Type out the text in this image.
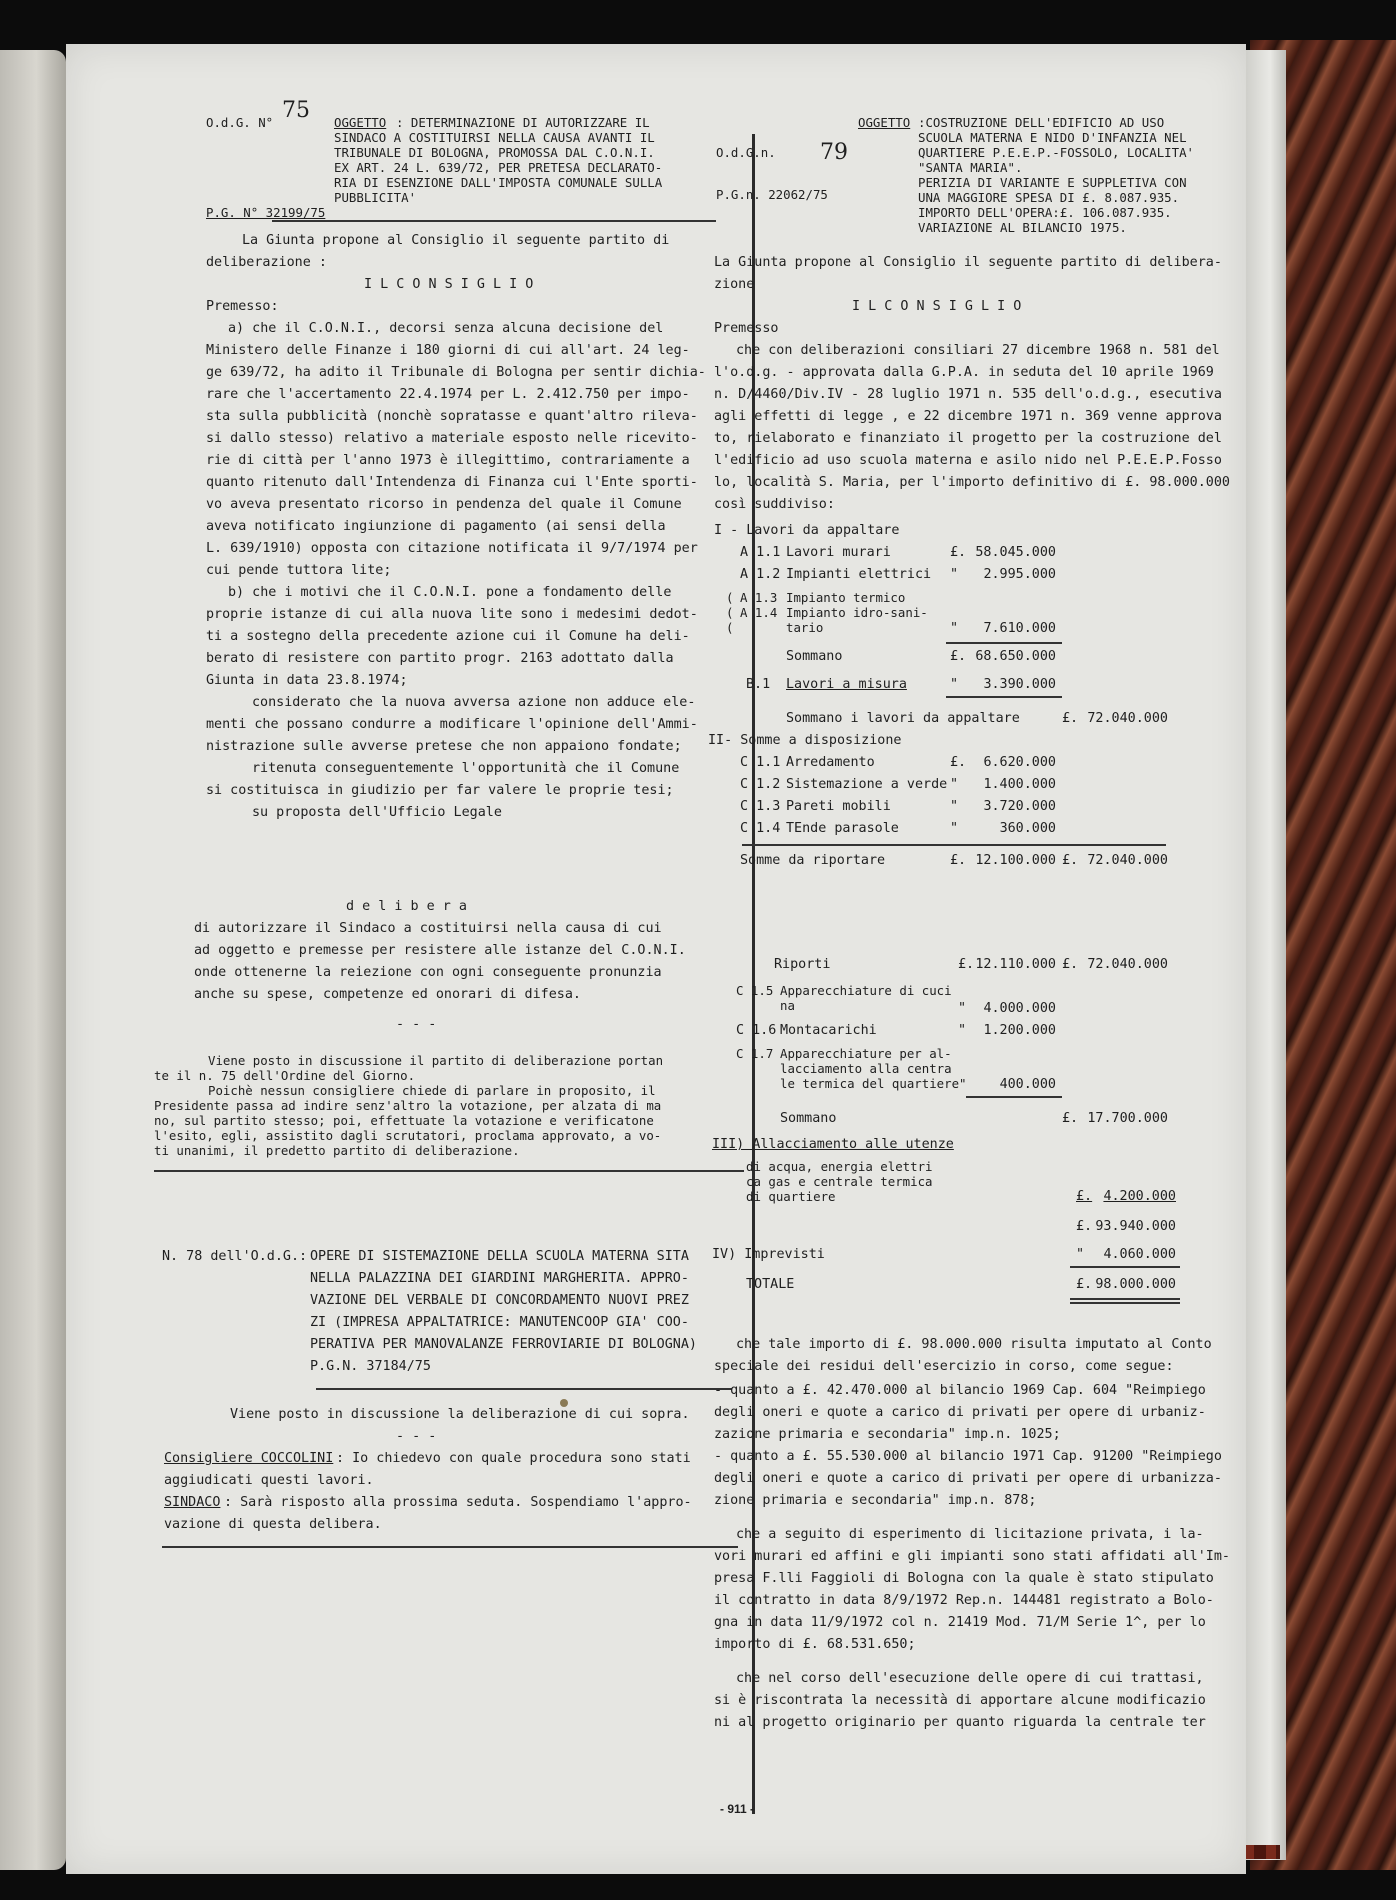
O.d.G. N° 75 OGGETTO : DETERMINAZIONE DI AUTORIZZARE IL
SINDACO A COSTITUIRSI NELLA CAUSA AVANTI IL
TRIBUNALE DI BOLOGNA, PROMOSSA DAL C.O.N.I.
EX ART. 24 L. 639/72, PER PRETESA DECLARATO-
RIA DI ESENZIONE DALL'IMPOSTA COMUNALE SULLA
PUBBLICITA'
P.G. N° 32199/75
La Giunta propone al Consiglio il seguente partito di
deliberazione :
I L C O N S I G L I O
Premesso:
a) che il C.O.N.I., decorsi senza alcuna decisione del
Ministero delle Finanze i 180 giorni di cui all'art. 24 leg-
ge 639/72, ha adito il Tribunale di Bologna per sentir dichia-
rare che l'accertamento 22.4.1974 per L. 2.412.750 per impo-
sta sulla pubblicità (nonchè sopratasse e quant'altro rileva-
si dallo stesso) relativo a materiale esposto nelle ricevito-
rie di città per l'anno 1973 è illegittimo, contrariamente a
quanto ritenuto dall'Intendenza di Finanza cui l'Ente sporti-
vo aveva presentato ricorso in pendenza del quale il Comune
aveva notificato ingiunzione di pagamento (ai sensi della
L. 639/1910) opposta con citazione notificata il 9/7/1974 per
cui pende tuttora lite;
b) che i motivi che il C.O.N.I. pone a fondamento delle
proprie istanze di cui alla nuova lite sono i medesimi dedot-
ti a sostegno della precedente azione cui il Comune ha deli-
berato di resistere con partito progr. 2163 adottato dalla
Giunta in data 23.8.1974;
considerato che la nuova avversa azione non adduce ele-
menti che possano condurre a modificare l'opinione dell'Ammi-
nistrazione sulle avverse pretese che non appaiono fondate;
ritenuta conseguentemente l'opportunità che il Comune
si costituisca in giudizio per far valere le proprie tesi;
su proposta dell'Ufficio Legale
d e l i b e r a
di autorizzare il Sindaco a costituirsi nella causa di cui
ad oggetto e premesse per resistere alle istanze del C.O.N.I.
onde ottenerne la reiezione con ogni conseguente pronunzia
anche su spese, competenze ed onorari di difesa.
- - -
Viene posto in discussione il partito di deliberazione portan
te il n. 75 dell'Ordine del Giorno.
Poichè nessun consigliere chiede di parlare in proposito, il
Presidente passa ad indire senz'altro la votazione, per alzata di ma
no, sul partito stesso; poi, effettuate la votazione e verificatone
l'esito, egli, assistito dagli scrutatori, proclama approvato, a vo-
ti unanimi, il predetto partito di deliberazione.
N. 78 dell'O.d.G.: OPERE DI SISTEMAZIONE DELLA SCUOLA MATERNA SITA
NELLA PALAZZINA DEI GIARDINI MARGHERITA. APPRO-
VAZIONE DEL VERBALE DI CONCORDAMENTO NUOVI PREZ
ZI (IMPRESA APPALTATRICE: MANUTENCOOP GIA' COO-
PERATIVA PER MANOVALANZE FERROVIARIE DI BOLOGNA)
P.G.N. 37184/75
Viene posto in discussione la deliberazione di cui sopra.
- - -
Consigliere COCCOLINI : Io chiedevo con quale procedura sono stati
aggiudicati questi lavori.
SINDACO : Sarà risposto alla prossima seduta. Sospendiamo l'appro-
vazione di questa delibera.
OGGETTO :COSTRUZIONE DELL'EDIFICIO AD USO
SCUOLA MATERNA E NIDO D'INFANZIA NEL
QUARTIERE P.E.E.P.-FOSSOLO, LOCALITA'
"SANTA MARIA".
PERIZIA DI VARIANTE E SUPPLETIVA CON
UNA MAGGIORE SPESA DI £. 8.087.935.
IMPORTO DELL'OPERA:£. 106.087.935.
VARIAZIONE AL BILANCIO 1975.
O.d.G.n. 79
P.G.n. 22062/75
La Giunta propone al Consiglio il seguente partito di delibera-
zione
I L C O N S I G L I O
Premesso
che con deliberazioni consiliari 27 dicembre 1968 n. 581 del
l'o.d.g. - approvata dalla G.P.A. in seduta del 10 aprile 1969
n. D/4460/Div.IV - 28 luglio 1971 n. 535 dell'o.d.g., esecutiva
agli effetti di legge , e 22 dicembre 1971 n. 369 venne approva
to, rielaborato e finanziato il progetto per la costruzione del
l'edificio ad uso scuola materna e asilo nido nel P.E.E.P.Fosso
lo, località S. Maria, per l'importo definitivo di £. 98.000.000
così suddiviso:
I - Lavori da appaltare
A 1.1 Lavori murari	£. 58.045.000
A 1.2 Impianti elettrici "	2.995.000
(
(
(
A 1.3 Impianto termico
A 1.4 Impianto idro-sani-
tario	"	7.610.000
Sommano	£. 68.650.000
B.1 Lavori a misura	"	3.390.000
Sommano i lavori da appaltare	£. 72.040.000
II- Somme a disposizione
C 1.1 Arredamento	£.	6.620.000
C 1.2 Sistemazione a verde "	1.400.000
C 1.3 Pareti mobili	"	3.720.000
C 1.4 TEnde parasole	"	360.000
Somme da riportare	£. 12.100.000 £. 72.040.000
Riporti	£. 12.110.000 £. 72.040.000
C 1.5 Apparecchiature di cuci
na	"	4.000.000
C 1.6 Montacarichi	"	1.200.000
C 1.7 Apparecchiature per al-
lacciamento alla centra
le termica del quartiere"	400.000
Sommano	£. 17.700.000
III) Allacciamento alle utenze
di acqua, energia elettri
ca gas e centrale termica
di quartiere	£. 4.200.000
£. 93.940.000
IV) Imprevisti	"	4.060.000
TOTALE	£. 98.000.000
che tale importo di £. 98.000.000 risulta imputato al Conto
speciale dei residui dell'esercizio in corso, come segue:
- quanto a £. 42.470.000 al bilancio 1969 Cap. 604 "Reimpiego
degli oneri e quote a carico di privati per opere di urbaniz-
zazione primaria e secondaria" imp.n. 1025;
- quanto a £. 55.530.000 al bilancio 1971 Cap. 91200 "Reimpiego
degli oneri e quote a carico di privati per opere di urbanizza-
zione primaria e secondaria" imp.n. 878;
che a seguito di esperimento di licitazione privata, i la-
vori murari ed affini e gli impianti sono stati affidati all'Im-
presa F.lli Faggioli di Bologna con la quale è stato stipulato
il contratto in data 8/9/1972 Rep.n. 144481 registrato a Bolo-
gna in data 11/9/1972 col n. 21419 Mod. 71/M Serie 1^, per lo
importo di £. 68.531.650;
che nel corso dell'esecuzione delle opere di cui trattasi,
si è riscontrata la necessità di apportare alcune modificazio
ni al progetto originario per quanto riguarda la centrale ter
- 911 -
